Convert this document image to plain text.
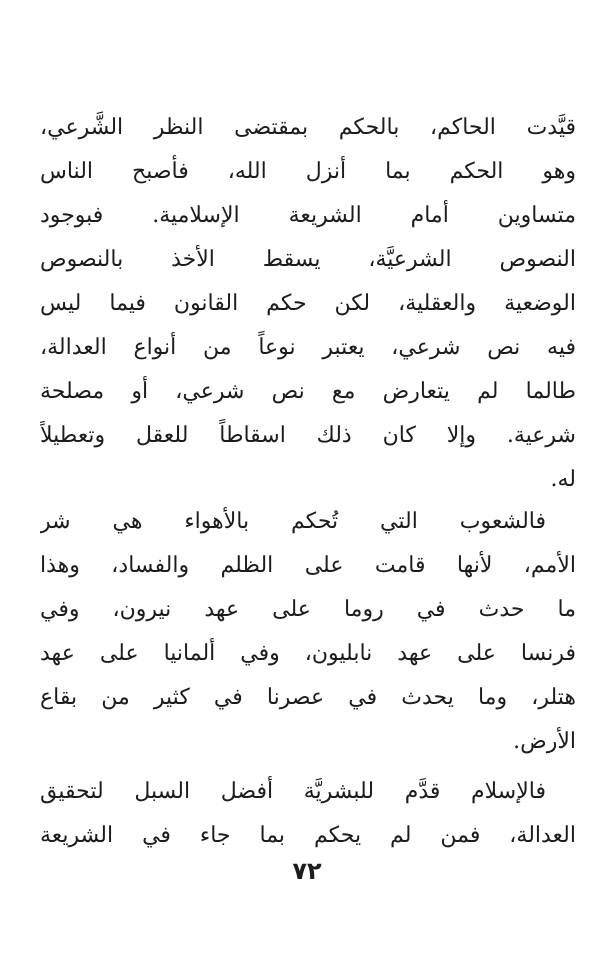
قيَّدت الحاكم، بالحكم بمقتضى النظر الشَّرعي،
وهو الحكم بما أنزل الله، فأصبح الناس
متساوين أمام الشريعة الإسلامية. فبوجود
النصوص الشرعيَّة، يسقط الأخذ بالنصوص
الوضعية والعقلية، لكن حكم القانون فيما ليس
فيه نص شرعي، يعتبر نوعاً من أنواع العدالة،
طالما لم يتعارض مع نص شرعي، أو مصلحة
شرعية. وإلا كان ذلك اسقاطاً للعقل وتعطيلاً
له.
فالشعوب التي تُحكم بالأهواء هي شر
الأمم، لأنها قامت على الظلم والفساد، وهذا
ما حدث في روما على عهد نيرون، وفي
فرنسا على عهد نابليون، وفي ألمانيا على عهد
هتلر، وما يحدث في عصرنا في كثير من بقاع
الأرض.
فالإسلام قدَّم للبشريَّة أفضل السبل لتحقيق
العدالة، فمن لم يحكم بما جاء في الشريعة
٧٢
